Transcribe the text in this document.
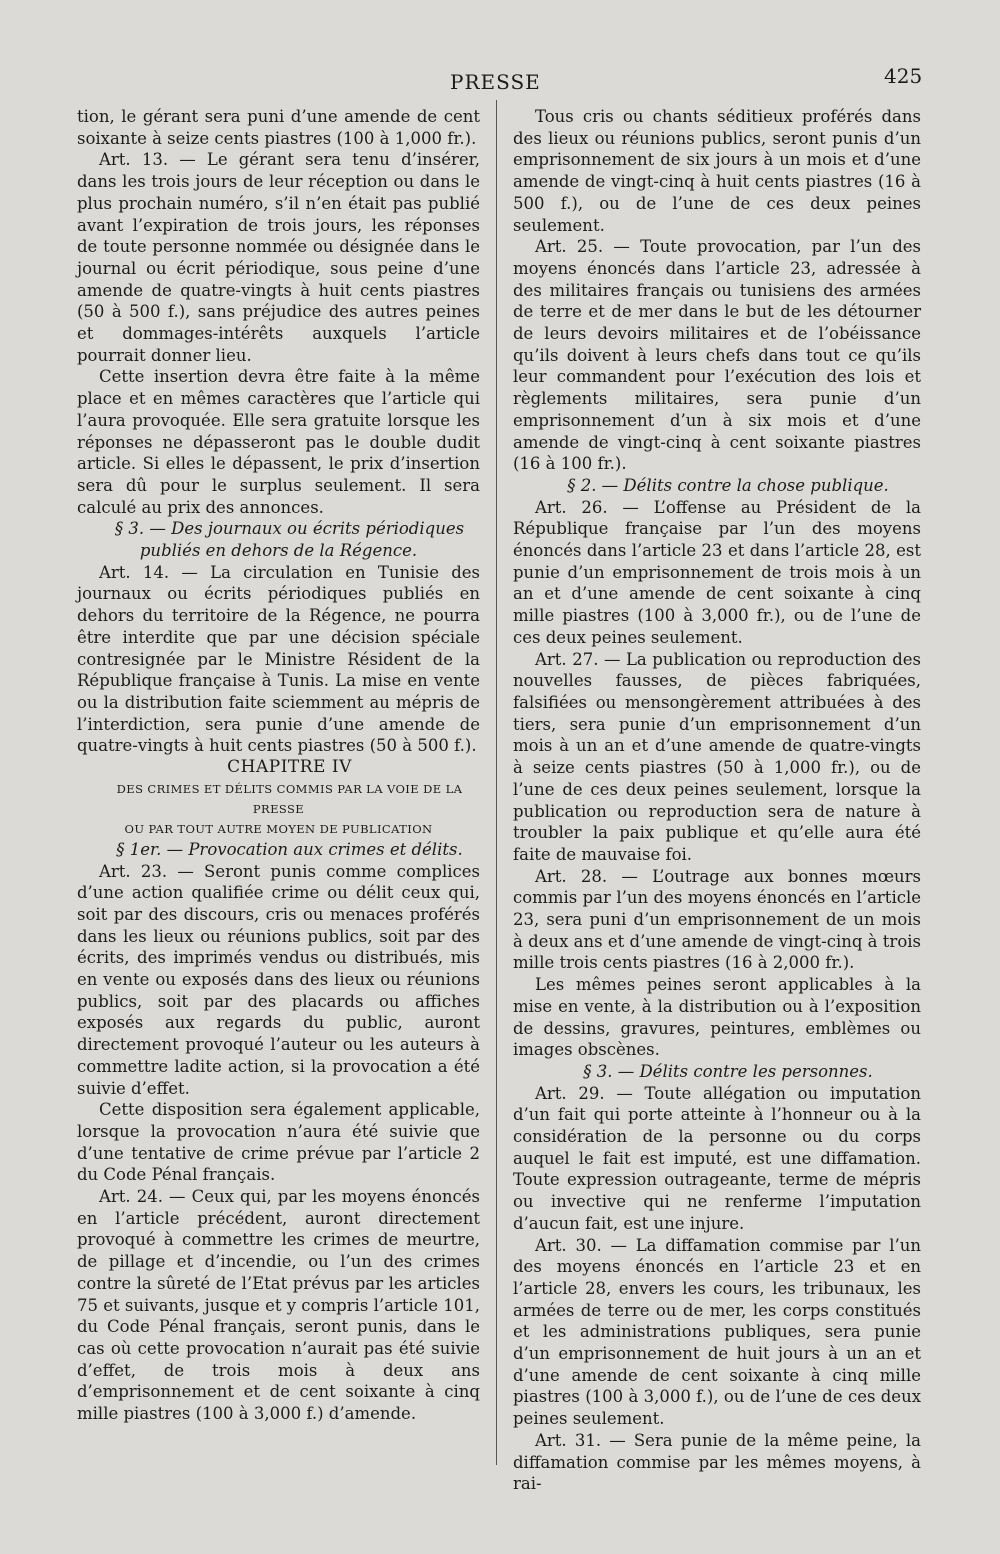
PRESSE	425

tion, le gérant sera puni d’une amende de cent soixante à seize cents piastres (100 à 1,000 fr.).

Art. 13. — Le gérant sera tenu d’insérer, dans les trois jours de leur réception ou dans le plus prochain numéro, s’il n’en était pas publié avant l’expiration de trois jours, les réponses de toute personne nommée ou désignée dans le journal ou écrit périodique, sous peine d’une amende de quatre-vingts à huit cents piastres (50 à 500 f.), sans préjudice des autres peines et dommages-intérêts auxquels l’article pourrait donner lieu.

Cette insertion devra être faite à la même place et en mêmes caractères que l’article qui l’aura provoquée. Elle sera gratuite lorsque les réponses ne dépasseront pas le double dudit article. Si elles le dépassent, le prix d’insertion sera dû pour le surplus seulement. Il sera calculé au prix des annonces.

§ 3. — Des journaux ou écrits périodiques publiés en dehors de la Régence.

Art. 14. — La circulation en Tunisie des journaux ou écrits périodiques publiés en dehors du territoire de la Régence, ne pourra être interdite que par une décision spéciale contresignée par le Ministre Résident de la République française à Tunis. La mise en vente ou la distribution faite sciemment au mépris de l’interdiction, sera punie d’une amende de quatre-vingts à huit cents piastres (50 à 500 f.).

CHAPITRE IV

DES CRIMES ET DÉLITS COMMIS PAR LA VOIE DE LA PRESSE
OU PAR TOUT AUTRE MOYEN DE PUBLICATION

§ 1er. — Provocation aux crimes et délits.

Art. 23. — Seront punis comme complices d’une action qualifiée crime ou délit ceux qui, soit par des discours, cris ou menaces proférés dans les lieux ou réunions publics, soit par des écrits, des imprimés vendus ou distribués, mis en vente ou exposés dans des lieux ou réunions publics, soit par des placards ou affiches exposés aux regards du public, auront directement provoqué l’auteur ou les auteurs à commettre ladite action, si la provocation a été suivie d’effet.

Cette disposition sera également applicable, lorsque la provocation n’aura été suivie que d’une tentative de crime prévue par l’article 2 du Code Pénal français.

Art. 24. — Ceux qui, par les moyens énoncés en l’article précédent, auront directement provoqué à commettre les crimes de meurtre, de pillage et d’incendie, ou l’un des crimes contre la sûreté de l’Etat prévus par les articles 75 et suivants, jusque et y compris l’article 101, du Code Pénal français, seront punis, dans le cas où cette provocation n’aurait pas été suivie d’effet, de trois mois à deux ans d’emprisonnement et de cent soixante à cinq mille piastres (100 à 3,000 f.) d’amende.

Tous cris ou chants séditieux proférés dans des lieux ou réunions publics, seront punis d’un emprisonnement de six jours à un mois et d’une amende de vingt-cinq à huit cents piastres (16 à 500 f.), ou de l’une de ces deux peines seulement.

Art. 25. — Toute provocation, par l’un des moyens énoncés dans l’article 23, adressée à des militaires français ou tunisiens des armées de terre et de mer dans le but de les détourner de leurs devoirs militaires et de l’obéissance qu’ils doivent à leurs chefs dans tout ce qu’ils leur commandent pour l’exécution des lois et règlements militaires, sera punie d’un emprisonnement d’un à six mois et d’une amende de vingt-cinq à cent soixante piastres (16 à 100 fr.).

§ 2. — Délits contre la chose publique.

Art. 26. — L’offense au Président de la République française par l’un des moyens énoncés dans l’article 23 et dans l’article 28, est punie d’un emprisonnement de trois mois à un an et d’une amende de cent soixante à cinq mille piastres (100 à 3,000 fr.), ou de l’une de ces deux peines seulement.

Art. 27. — La publication ou reproduction des nouvelles fausses, de pièces fabriquées, falsifiées ou mensongèrement attribuées à des tiers, sera punie d’un emprisonnement d’un mois à un an et d’une amende de quatre-vingts à seize cents piastres (50 à 1,000 fr.), ou de l’une de ces deux peines seulement, lorsque la publication ou reproduction sera de nature à troubler la paix publique et qu’elle aura été faite de mauvaise foi.

Art. 28. — L’outrage aux bonnes mœurs commis par l’un des moyens énoncés en l’article 23, sera puni d’un emprisonnement de un mois à deux ans et d’une amende de vingt-cinq à trois mille trois cents piastres (16 à 2,000 fr.).

Les mêmes peines seront applicables à la mise en vente, à la distribution ou à l’exposition de dessins, gravures, peintures, emblèmes ou images obscènes.

§ 3. — Délits contre les personnes.

Art. 29. — Toute allégation ou imputation d’un fait qui porte atteinte à l’honneur ou à la considération de la personne ou du corps auquel le fait est imputé, est une diffamation. Toute expression outrageante, terme de mépris ou invective qui ne renferme l’imputation d’aucun fait, est une injure.

Art. 30. — La diffamation commise par l’un des moyens énoncés en l’article 23 et en l’article 28, envers les cours, les tribunaux, les armées de terre ou de mer, les corps constitués et les administrations publiques, sera punie d’un emprisonnement de huit jours à un an et d’une amende de cent soixante à cinq mille piastres (100 à 3,000 f.), ou de l’une de ces deux peines seulement.

Art. 31. — Sera punie de la même peine, la diffamation commise par les mêmes moyens, à rai-
